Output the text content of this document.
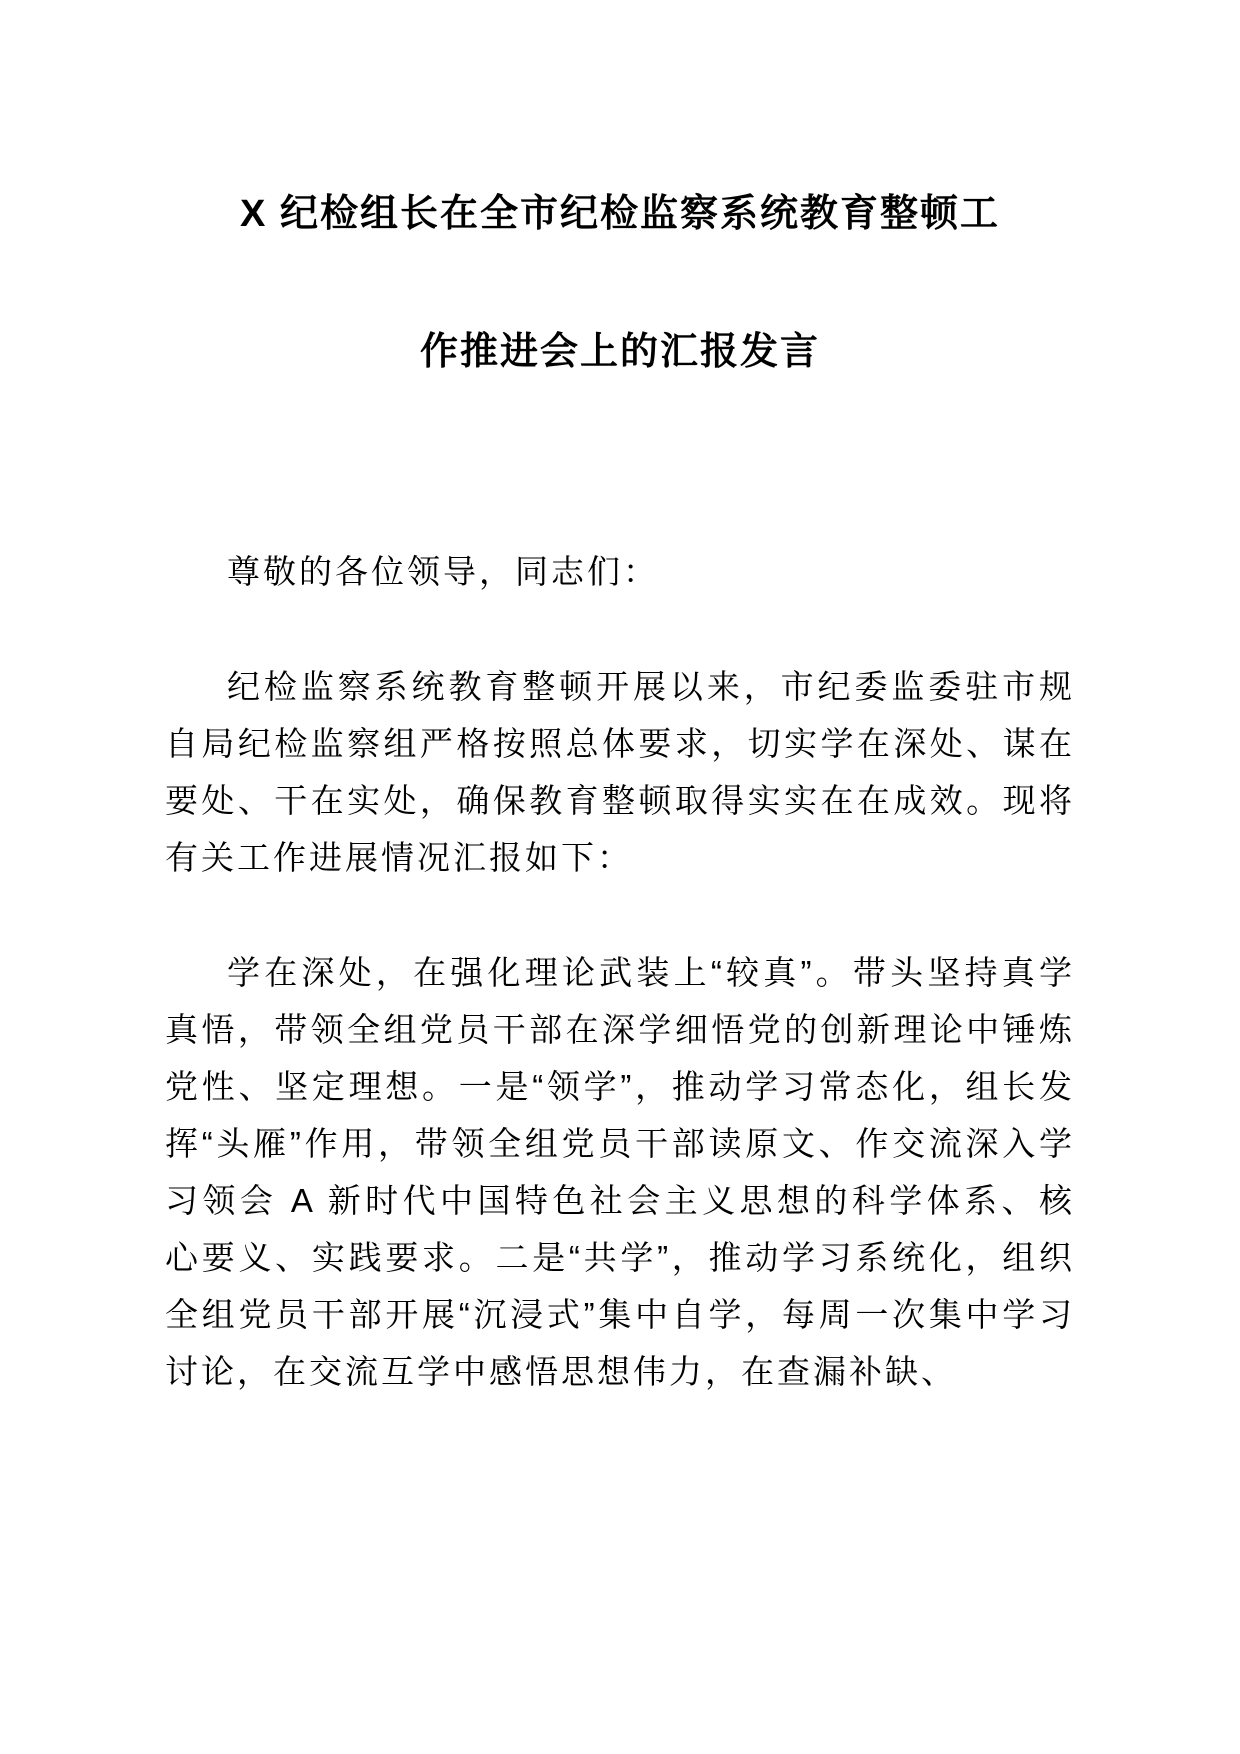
X 纪检组长在全市纪检监察系统教育整顿工
作推进会上的汇报发言

尊敬的各位领导，同志们：

纪检监察系统教育整顿开展以来，市纪委监委驻市规自局纪检监察组严格按照总体要求，切实学在深处、谋在要处、干在实处，确保教育整顿取得实实在在成效。现将有关工作进展情况汇报如下：

学在深处，在强化理论武装上“较真”。带头坚持真学真悟，带领全组党员干部在深学细悟党的创新理论中锤炼党性、坚定理想。一是“领学”，推动学习常态化，组长发挥“头雁”作用，带领全组党员干部读原文、作交流深入学习领会 A 新时代中国特色社会主义思想的科学体系、核心要义、实践要求。二是“共学”，推动学习系统化，组织全组党员干部开展“沉浸式”集中自学，每周一次集中学习讨论，在交流互学中感悟思想伟力，在查漏补缺、
